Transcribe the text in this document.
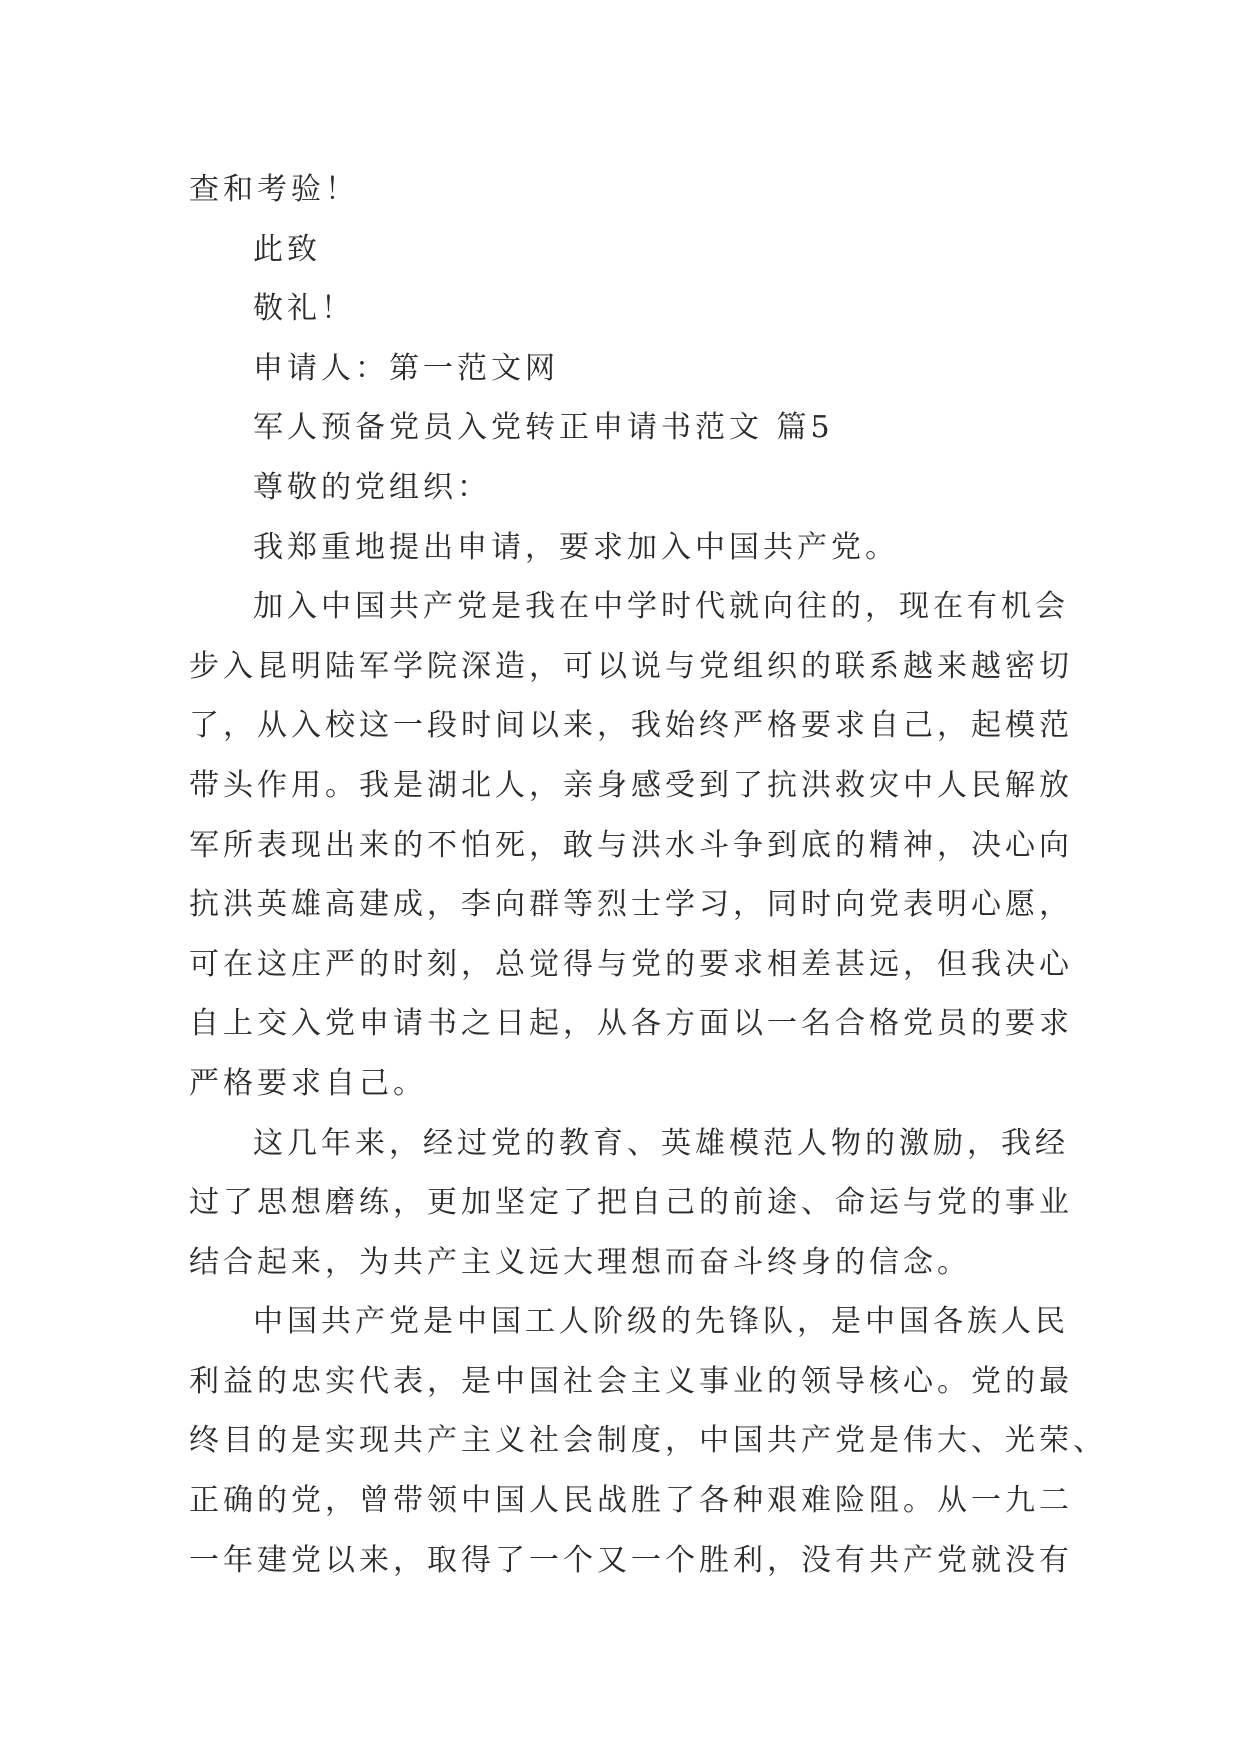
查和考验！
此致
敬礼！
申请人：第一范文网
军人预备党员入党转正申请书范文 篇5
尊敬的党组织：
我郑重地提出申请，要求加入中国共产党。
加入中国共产党是我在中学时代就向往的，现在有机会
步入昆明陆军学院深造，可以说与党组织的联系越来越密切
了，从入校这一段时间以来，我始终严格要求自己，起模范
带头作用。我是湖北人，亲身感受到了抗洪救灾中人民解放
军所表现出来的不怕死，敢与洪水斗争到底的精神，决心向
抗洪英雄高建成，李向群等烈士学习，同时向党表明心愿，
可在这庄严的时刻，总觉得与党的要求相差甚远，但我决心
自上交入党申请书之日起，从各方面以一名合格党员的要求
严格要求自己。
这几年来，经过党的教育、英雄模范人物的激励，我经
过了思想磨练，更加坚定了把自己的前途、命运与党的事业
结合起来，为共产主义远大理想而奋斗终身的信念。
中国共产党是中国工人阶级的先锋队，是中国各族人民
利益的忠实代表，是中国社会主义事业的领导核心。党的最
终目的是实现共产主义社会制度，中国共产党是伟大、光荣、
正确的党，曾带领中国人民战胜了各种艰难险阻。从一九二
一年建党以来，取得了一个又一个胜利，没有共产党就没有
